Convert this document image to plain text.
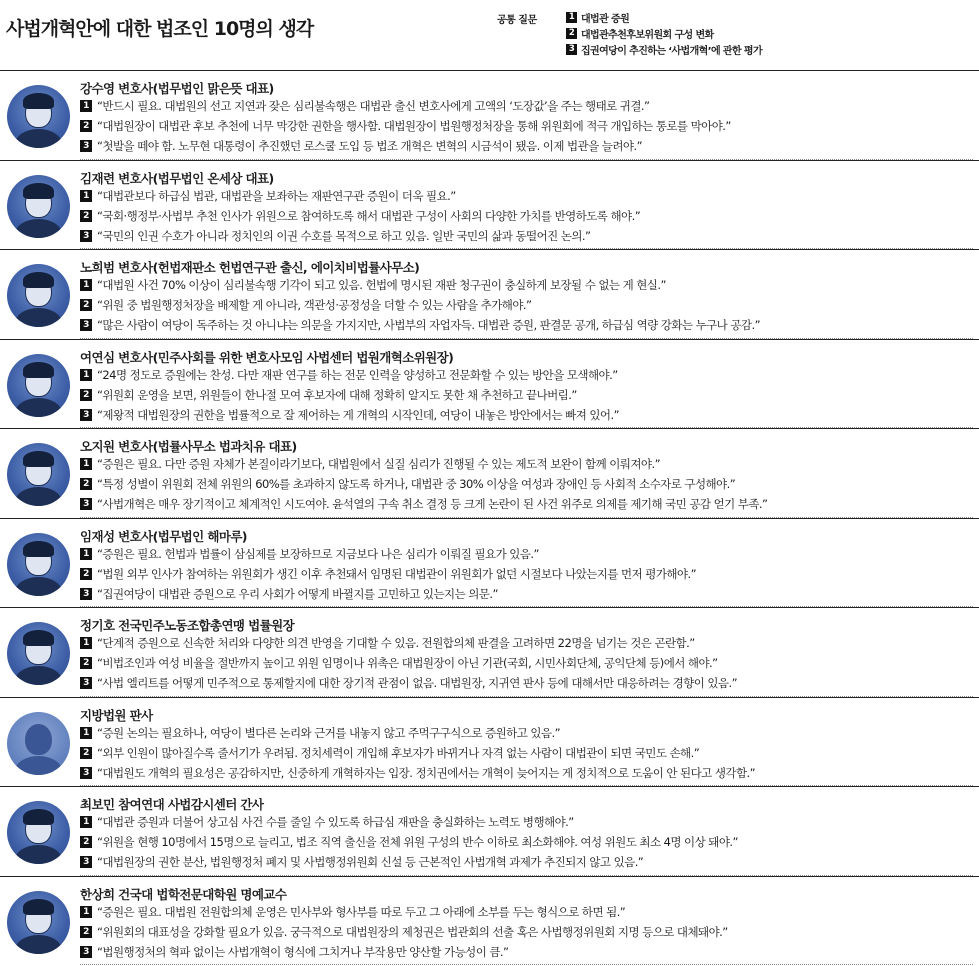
사법개혁안에 대한 법조인 10명의 생각	공통 질문	1 대법관 증원
2 대법관추천후보위원회 구성 변화
3 집권여당이 추진하는 ‘사법개혁’에 관한 평가
강수영 변호사(법무법인 맑은뜻 대표)
1 “반드시 필요. 대법원의 선고 지연과 잦은 심리불속행은 대법관 출신 변호사에게 고액의 ‘도장값’을 주는 행태로 귀결.”
2 “대법원장이 대법관 후보 추천에 너무 막강한 권한을 행사함. 대법원장이 법원행정처장을 통해 위원회에 적극 개입하는 통로를 막아야.”
3 “첫발을 떼야 함. 노무현 대통령이 추진했던 로스쿨 도입 등 법조 개혁은 변혁의 시금석이 됐음. 이제 법관을 늘려야.”
김재련 변호사(법무법인 온세상 대표)
1 “대법관보다 하급심 법관, 대법관을 보좌하는 재판연구관 증원이 더욱 필요.”
2 “국회·행정부·사법부 추천 인사가 위원으로 참여하도록 해서 대법관 구성이 사회의 다양한 가치를 반영하도록 해야.”
3 “국민의 인권 수호가 아니라 정치인의 이권 수호를 목적으로 하고 있음. 일반 국민의 삶과 동떨어진 논의.”
노희범 변호사(헌법재판소 헌법연구관 출신, 에이치비법률사무소)
1 “대법원 사건 70% 이상이 심리불속행 기각이 되고 있음. 헌법에 명시된 재판 청구권이 충실하게 보장될 수 없는 게 현실.”
2 “위원 중 법원행정처장을 배제할 게 아니라, 객관성·공정성을 더할 수 있는 사람을 추가해야.”
3 “많은 사람이 여당이 독주하는 것 아니냐는 의문을 가지지만, 사법부의 자업자득. 대법관 증원, 판결문 공개, 하급심 역량 강화는 누구나 공감.”
여연심 변호사(민주사회를 위한 변호사모임 사법센터 법원개혁소위원장)
1 “24명 정도로 증원에는 찬성. 다만 재판 연구를 하는 전문 인력을 양성하고 전문화할 수 있는 방안을 모색해야.”
2 “위원회 운영을 보면, 위원들이 한나절 모여 후보자에 대해 정확히 알지도 못한 채 추천하고 끝나버림.”
3 “제왕적 대법원장의 권한을 법률적으로 잘 제어하는 게 개혁의 시작인데, 여당이 내놓은 방안에서는 빠져 있어.”
오지원 변호사(법률사무소 법과치유 대표)
1 “증원은 필요. 다만 증원 자체가 본질이라기보다, 대법원에서 실질 심리가 진행될 수 있는 제도적 보완이 함께 이뤄져야.”
2 “특정 성별이 위원회 전체 위원의 60%를 초과하지 않도록 하거나, 대법관 중 30% 이상을 여성과 장애인 등 사회적 소수자로 구성해야.”
3 “사법개혁은 매우 장기적이고 체계적인 시도여야. 윤석열의 구속 취소 결정 등 크게 논란이 된 사건 위주로 의제를 제기해 국민 공감 얻기 부족.”
임재성 변호사(법무법인 해마루)
1 “증원은 필요. 헌법과 법률이 삼심제를 보장하므로 지금보다 나은 심리가 이뤄질 필요가 있음.”
2 “법원 외부 인사가 참여하는 위원회가 생긴 이후 추천돼서 임명된 대법관이 위원회가 없던 시절보다 나았는지를 먼저 평가해야.”
3 “집권여당이 대법관 증원으로 우리 사회가 어떻게 바뀔지를 고민하고 있는지는 의문.”
정기호 전국민주노동조합총연맹 법률원장
1 “단계적 증원으로 신속한 처리와 다양한 의견 반영을 기대할 수 있음. 전원합의체 판결을 고려하면 22명을 넘기는 것은 곤란함.”
2 “비법조인과 여성 비율을 절반까지 높이고 위원 임명이나 위촉은 대법원장이 아닌 기관(국회, 시민사회단체, 공익단체 등)에서 해야.”
3 “사법 엘리트를 어떻게 민주적으로 통제할지에 대한 장기적 관점이 없음. 대법원장, 지귀연 판사 등에 대해서만 대응하려는 경향이 있음.”
지방법원 판사
1 “증원 논의는 필요하나, 여당이 별다른 논리와 근거를 내놓지 않고 주먹구구식으로 증원하고 있음.”
2 “외부 인원이 많아질수록 줄서기가 우려됨. 정치세력이 개입해 후보자가 바뀌거나 자격 없는 사람이 대법관이 되면 국민도 손해.”
3 “대법원도 개혁의 필요성은 공감하지만, 신중하게 개혁하자는 입장. 정치권에서는 개혁이 늦어지는 게 정치적으로 도움이 안 된다고 생각함.”
최보민 참여연대 사법감시센터 간사
1 “대법관 증원과 더불어 상고심 사건 수를 줄일 수 있도록 하급심 재판을 충실화하는 노력도 병행해야.”
2 “위원을 현행 10명에서 15명으로 늘리고, 법조 직역 출신을 전체 위원 구성의 반수 이하로 최소화해야. 여성 위원도 최소 4명 이상 돼야.”
3 “대법원장의 권한 분산, 법원행정처 폐지 및 사법행정위원회 신설 등 근본적인 사법개혁 과제가 추진되지 않고 있음.”
한상희 건국대 법학전문대학원 명예교수
1 “증원은 필요. 대법원 전원합의체 운영은 민사부와 형사부를 따로 두고 그 아래에 소부를 두는 형식으로 하면 됨.”
2 “위원회의 대표성을 강화할 필요가 있음. 궁극적으로 대법원장의 제청권은 법관회의 선출 혹은 사법행정위원회 지명 등으로 대체돼야.”
3 “법원행정처의 혁파 없이는 사법개혁이 형식에 그치거나 부작용만 양산할 가능성이 큼.”
